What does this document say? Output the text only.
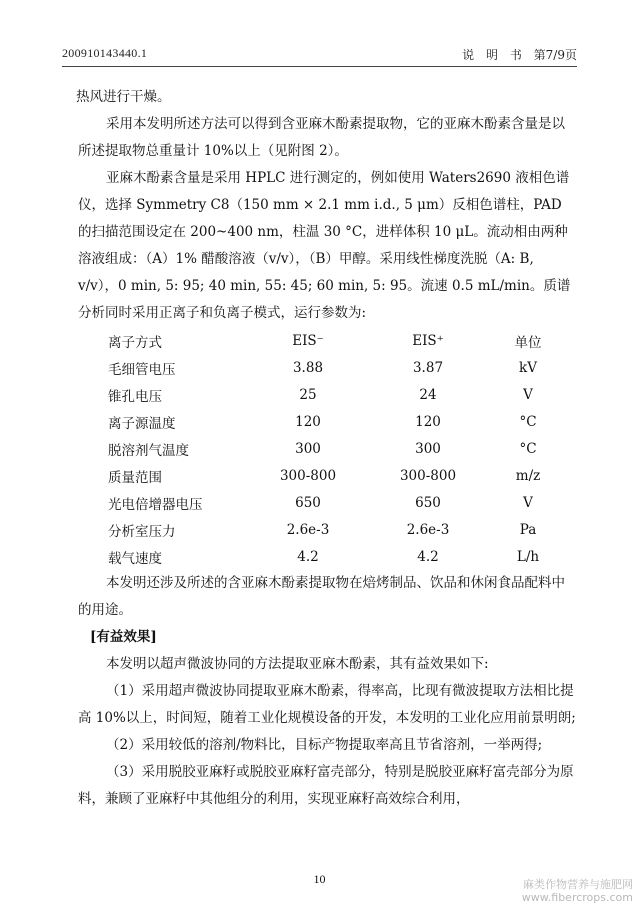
200910143440.1	说 明 书 第7/9页

热风进行干燥。

采用本发明所述方法可以得到含亚麻木酚素提取物，它的亚麻木酚素含量是以所述提取物总重量计 10%以上（见附图 2）。

亚麻木酚素含量是采用 HPLC 进行测定的，例如使用 Waters2690 液相色谱仪，选择 Symmetry C8（150 mm × 2.1 mm i.d., 5 μm）反相色谱柱，PAD 的扫描范围设定在 200~400 nm，柱温 30 °C，进样体积 10 μL。流动相由两种溶液组成：（A）1% 醋酸溶液（v/v），（B）甲醇。采用线性梯度洗脱（A: B, v/v），0 min, 5: 95; 40 min, 55: 45; 60 min, 5: 95。流速 0.5 mL/min。质谱分析同时采用正离子和负离子模式，运行参数为:

离子方式	EIS⁻	EIS⁺	单位
毛细管电压	3.88	3.87	kV
锥孔电压	25	24	V
离子源温度	120	120	°C
脱溶剂气温度	300	300	°C
质量范围	300-800	300-800	m/z
光电倍增器电压	650	650	V
分析室压力	2.6e-3	2.6e-3	Pa
载气速度	4.2	4.2	L/h

本发明还涉及所述的含亚麻木酚素提取物在焙烤制品、饮品和休闲食品配料中的用途。

[有益效果]

本发明以超声微波协同的方法提取亚麻木酚素，其有益效果如下:

（1）采用超声微波协同提取亚麻木酚素，得率高，比现有微波提取方法相比提高 10%以上，时间短，随着工业化规模设备的开发，本发明的工业化应用前景明朗;

（2）采用较低的溶剂/物料比，目标产物提取率高且节省溶剂，一举两得;

（3）采用脱胶亚麻籽或脱胶亚麻籽富壳部分，特别是脱胶亚麻籽富壳部分为原料，兼顾了亚麻籽中其他组分的利用，实现亚麻籽高效综合利用，

10	麻类作物营养与施肥网
www.fibercrops.com
